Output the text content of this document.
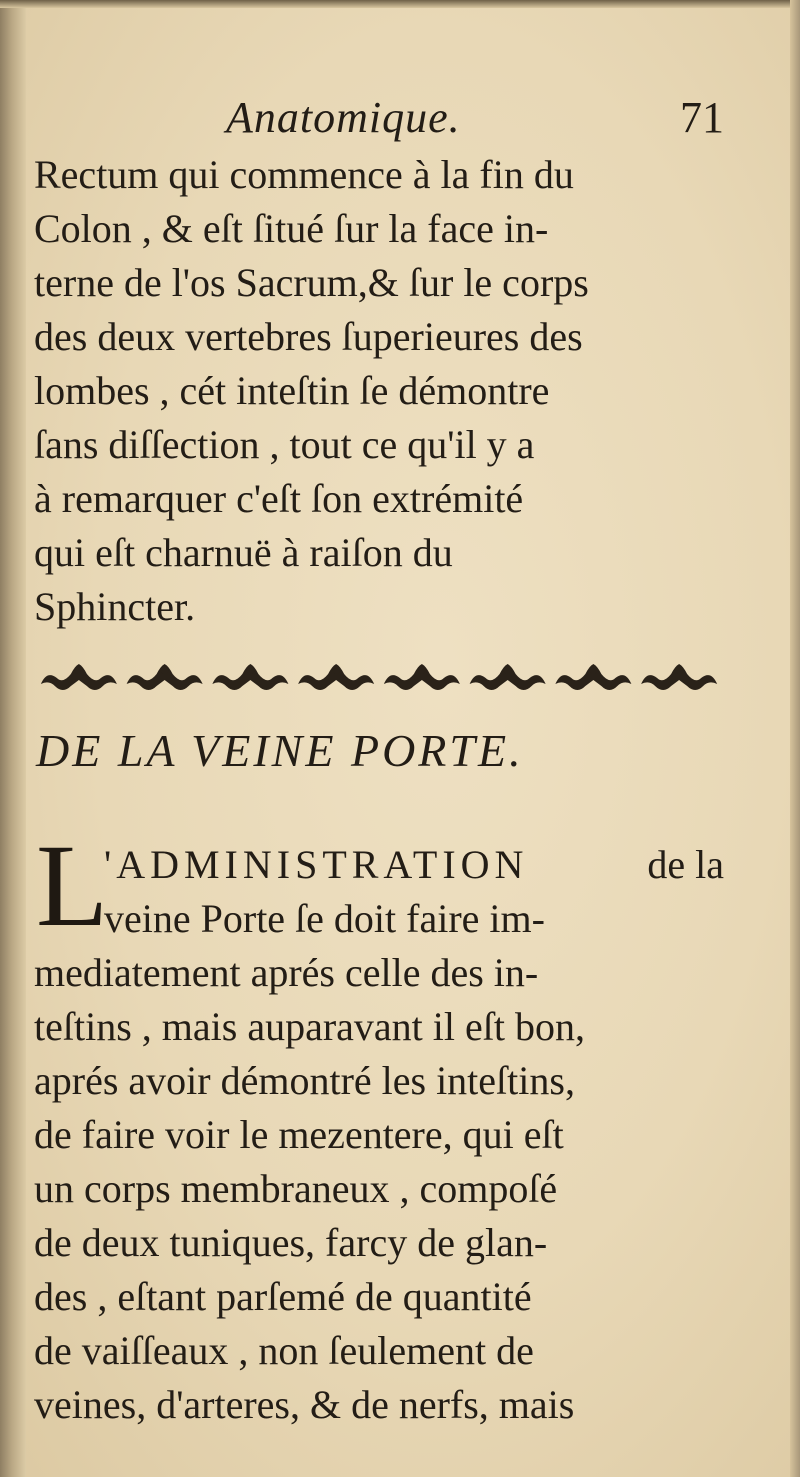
Anatomique.	71
Rectum qui commence à la fin du
Colon , & eſt ſitué ſur la face in-
terne de l'os Sacrum,& ſur le corps
des deux vertebres ſuperieures des
lombes , cét inteſtin ſe démontre
ſans diſſection , tout ce qu'il y a
à remarquer c'eſt ſon extrémité
qui eſt charnuë à raiſon du
Sphincter.
DE LA VEINE PORTE.
L
'ADMINISTRATION	de la
veine Porte ſe doit faire im-
mediatement aprés celle des in-
teſtins , mais auparavant il eſt bon,
aprés avoir démontré les inteſtins,
de faire voir le mezentere, qui eſt
un corps membraneux , compoſé
de deux tuniques, farcy de glan-
des , eſtant parſemé de quantité
de vaiſſeaux , non ſeulement de
veines, d'arteres, & de nerfs, mais
